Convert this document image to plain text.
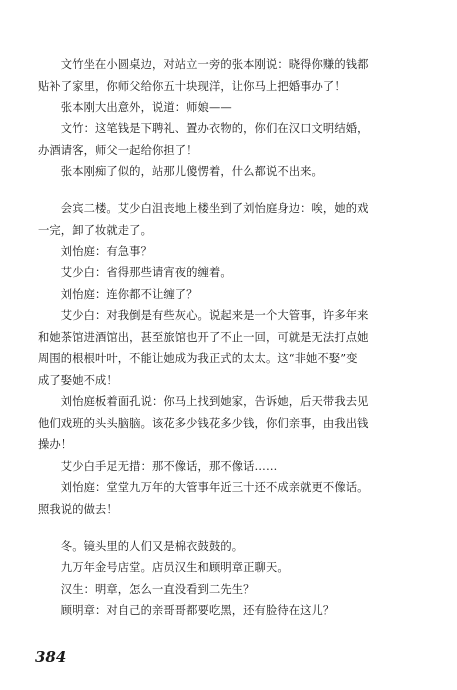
　　文竹坐在小圆桌边，对站立一旁的张本刚说：晓得你赚的钱都
贴补了家里，你师父给你五十块现洋，让你马上把婚事办了！
　　张本刚大出意外，说道：师娘——
　　文竹：这笔钱是下聘礼、置办衣物的，你们在汉口文明结婚，
办酒请客，师父一起给你担了！
　　张本刚痴了似的，站那儿傻愣着，什么都说不出来。
　　会宾二楼。艾少白沮丧地上楼坐到了刘怡庭身边：唉，她的戏
一完，卸了妆就走了。
　　刘怡庭：有急事？
　　艾少白：省得那些请宵夜的缠着。
　　刘怡庭：连你都不让缠了？
　　艾少白：对我倒是有些灰心。说起来是一个大管事，许多年来
和她茶馆进酒馆出，甚至旅馆也开了不止一回，可就是无法打点她
周围的根根叶叶，不能让她成为我正式的太太。这“非她不娶”变
成了娶她不成！
　　刘怡庭板着面孔说：你马上找到她家，告诉她，后天带我去见
他们戏班的头头脑脑。该花多少钱花多少钱，你们亲事，由我出钱
操办！
　　艾少白手足无措：那不像话，那不像话……
　　刘怡庭：堂堂九万年的大管事年近三十还不成亲就更不像话。
照我说的做去！
　　冬。镜头里的人们又是棉衣鼓鼓的。
　　九万年金号店堂。店员汉生和顾明章正聊天。
　　汉生：明章，怎么一直没看到二先生？
　　顾明章：对自己的亲哥哥都要吃黑，还有脸待在这儿？
384
